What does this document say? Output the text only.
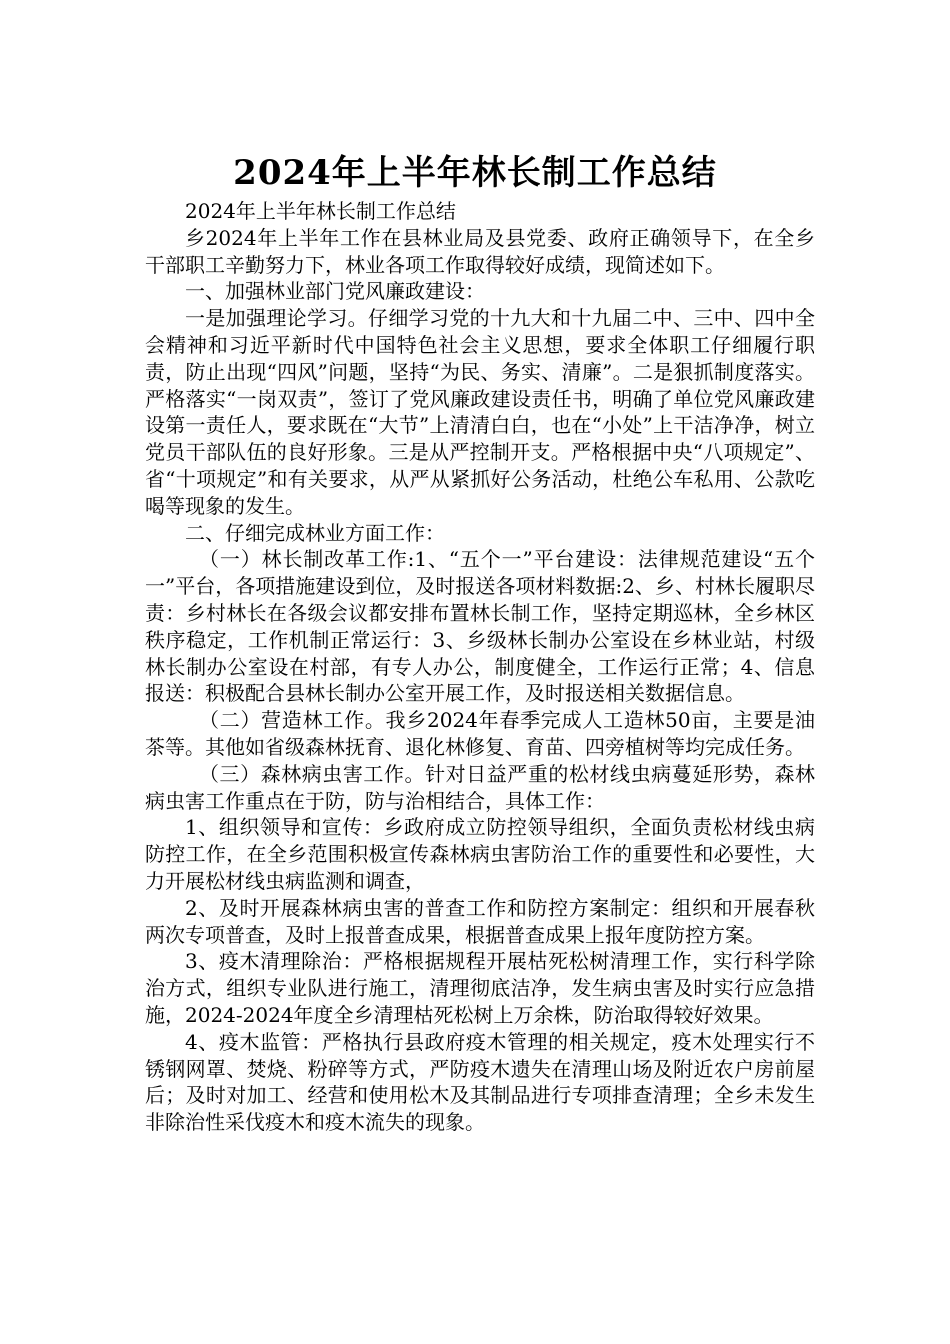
2024年上半年林长制工作总结

2024年上半年林长制工作总结

乡2024年上半年工作在县林业局及县党委、政府正确领导下，在全乡干部职工辛勤努力下，林业各项工作取得较好成绩，现简述如下。

一、加强林业部门党风廉政建设：

一是加强理论学习。仔细学习党的十九大和十九届二中、三中、四中全会精神和习近平新时代中国特色社会主义思想，要求全体职工仔细履行职责，防止出现“四风”问题，坚持“为民、务实、清廉”。二是狠抓制度落实。严格落实“一岗双责”，签订了党风廉政建设责任书，明确了单位党风廉政建设第一责任人，要求既在“大节”上清清白白，也在“小处”上干洁净净，树立党员干部队伍的良好形象。三是从严控制开支。严格根据中央“八项规定”、省“十项规定”和有关要求，从严从紧抓好公务活动，杜绝公车私用、公款吃喝等现象的发生。

二、仔细完成林业方面工作：

（一）林长制改革工作:1、“五个一”平台建设：法律规范建设“五个一”平台，各项措施建设到位，及时报送各项材料数据:2、乡、村林长履职尽责：乡村林长在各级会议都安排布置林长制工作，坚持定期巡林，全乡林区秩序稳定，工作机制正常运行：3、乡级林长制办公室设在乡林业站，村级林长制办公室设在村部，有专人办公，制度健全，工作运行正常；4、信息报送：积极配合县林长制办公室开展工作，及时报送相关数据信息。

（二）营造林工作。我乡2024年春季完成人工造林50亩，主要是油茶等。其他如省级森林抚育、退化林修复、育苗、四旁植树等均完成任务。

（三）森林病虫害工作。针对日益严重的松材线虫病蔓延形势，森林病虫害工作重点在于防，防与治相结合，具体工作：

1、组织领导和宣传：乡政府成立防控领导组织，全面负责松材线虫病防控工作，在全乡范围积极宣传森林病虫害防治工作的重要性和必要性，大力开展松材线虫病监测和调查，

2、及时开展森林病虫害的普查工作和防控方案制定：组织和开展春秋两次专项普查，及时上报普查成果，根据普查成果上报年度防控方案。

3、疫木清理除治：严格根据规程开展枯死松树清理工作，实行科学除治方式，组织专业队进行施工，清理彻底洁净，发生病虫害及时实行应急措施，2024-2024年度全乡清理枯死松树上万余株，防治取得较好效果。

4、疫木监管：严格执行县政府疫木管理的相关规定，疫木处理实行不锈钢网罩、焚烧、粉碎等方式，严防疫木遗失在清理山场及附近农户房前屋后；及时对加工、经营和使用松木及其制品进行专项排查清理；全乡未发生非除治性采伐疫木和疫木流失的现象。
